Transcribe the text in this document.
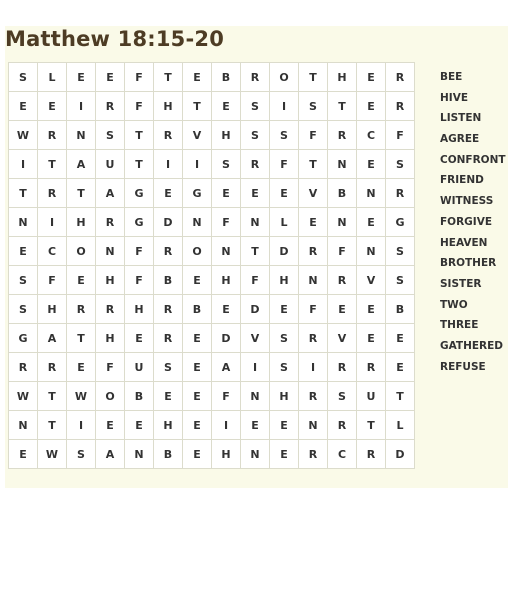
Matthew 18:15-20
S	L	E	E	F	T	E	B	R	O	T	H	E	R
E	E	I	R	F	H	T	E	S	I	S	T	E	R
W	R	N	S	T	R	V	H	S	S	F	R	C	F
I	T	A	U	T	I	I	S	R	F	T	N	E	S
T	R	T	A	G	E	G	E	E	E	V	B	N	R
N	I	H	R	G	D	N	F	N	L	E	N	E	G
E	C	O	N	F	R	O	N	T	D	R	F	N	S
S	F	E	H	F	B	E	H	F	H	N	R	V	S
S	H	R	R	H	R	B	E	D	E	F	E	E	B
G	A	T	H	E	R	E	D	V	S	R	V	E	E
R	R	E	F	U	S	E	A	I	S	I	R	R	E
W	T	W	O	B	E	E	F	N	H	R	S	U	T
N	T	I	E	E	H	E	I	E	E	N	R	T	L
E	W	S	A	N	B	E	H	N	E	R	C	R	D
BEE
HIVE
LISTEN
AGREE
CONFRONT
FRIEND
WITNESS
FORGIVE
HEAVEN
BROTHER
SISTER
TWO
THREE
GATHERED
REFUSE
